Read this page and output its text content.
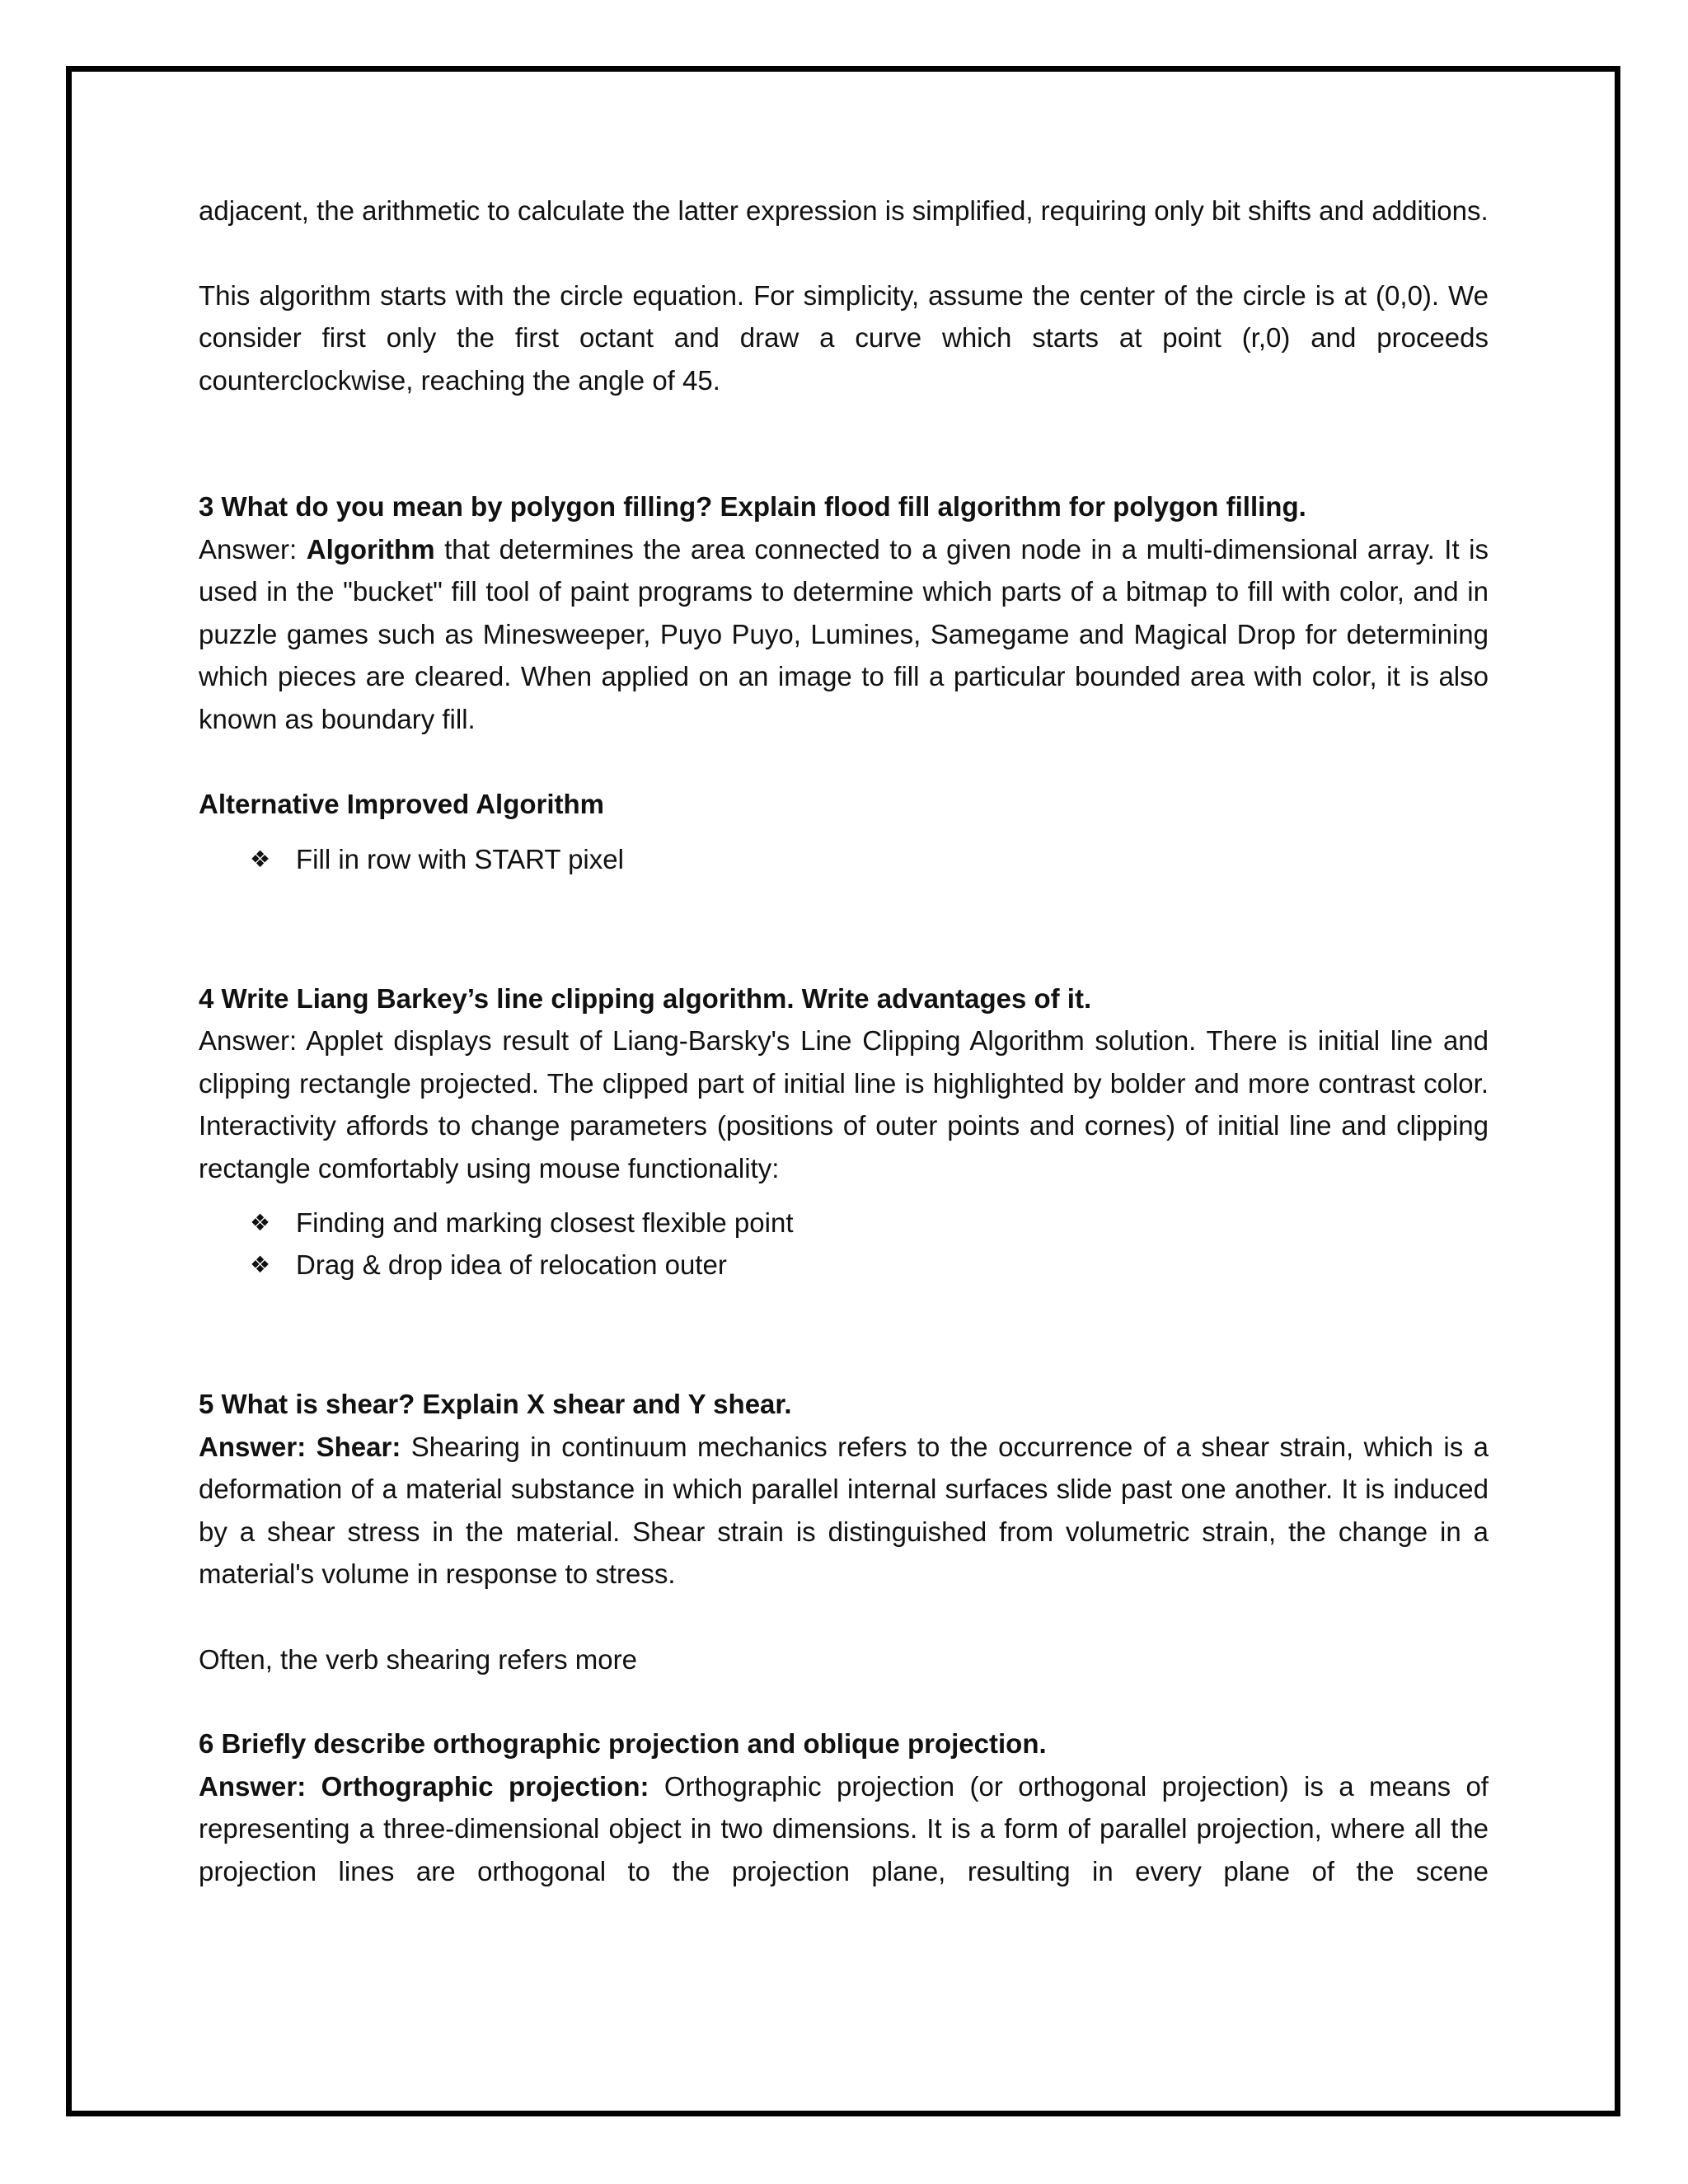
adjacent, the arithmetic to calculate the latter expression is simplified, requiring only bit shifts and additions.

This algorithm starts with the circle equation. For simplicity, assume the center of the circle is at (0,0). We consider first only the first octant and draw a curve which starts at point (r,0) and proceeds counterclockwise, reaching the angle of 45.

3 What do you mean by polygon filling? Explain flood fill algorithm for polygon filling.

Answer: Algorithm that determines the area connected to a given node in a multi-dimensional array. It is used in the "bucket" fill tool of paint programs to determine which parts of a bitmap to fill with color, and in puzzle games such as Minesweeper, Puyo Puyo, Lumines, Samegame and Magical Drop for determining which pieces are cleared. When applied on an image to fill a particular bounded area with color, it is also known as boundary fill.

Alternative Improved Algorithm

❖ Fill in row with START pixel

4 Write Liang Barkey’s line clipping algorithm. Write advantages of it.

Answer: Applet displays result of Liang-Barsky's Line Clipping Algorithm solution. There is initial line and clipping rectangle projected. The clipped part of initial line is highlighted by bolder and more contrast color. Interactivity affords to change parameters (positions of outer points and cornes) of initial line and clipping rectangle comfortably using mouse functionality:

❖ Finding and marking closest flexible point
❖ Drag & drop idea of relocation outer

5 What is shear? Explain X shear and Y shear.

Answer: Shear: Shearing in continuum mechanics refers to the occurrence of a shear strain, which is a deformation of a material substance in which parallel internal surfaces slide past one another. It is induced by a shear stress in the material. Shear strain is distinguished from volumetric strain, the change in a material's volume in response to stress.

Often, the verb shearing refers more

6 Briefly describe orthographic projection and oblique projection.

Answer: Orthographic projection: Orthographic projection (or orthogonal projection) is a means of representing a three-dimensional object in two dimensions. It is a form of parallel projection, where all the projection lines are orthogonal to the projection plane, resulting in every plane of the scene
